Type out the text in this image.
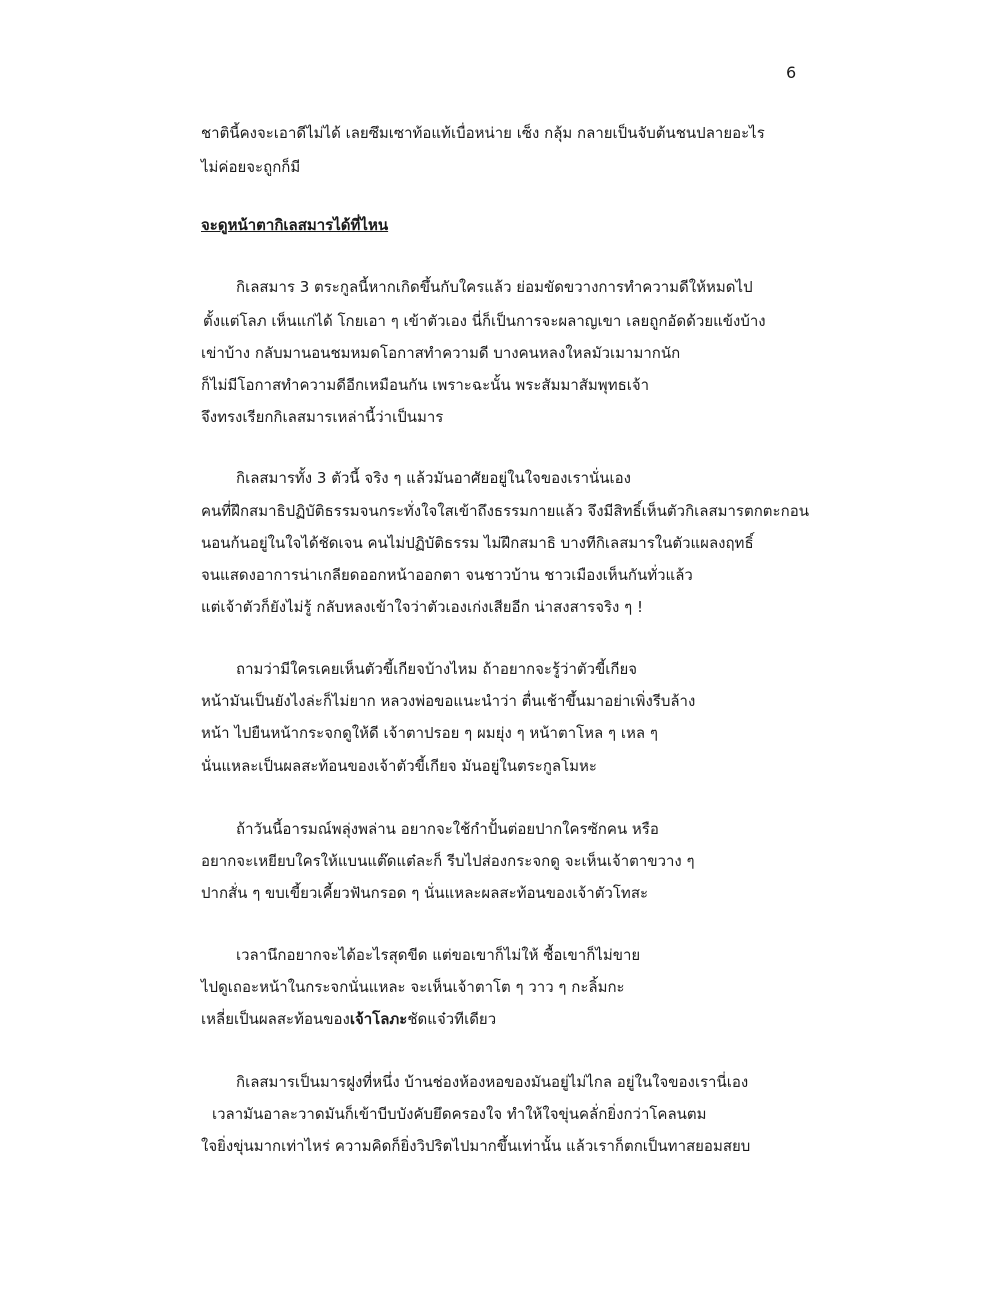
6
ชาตินี้คงจะเอาดีไม่ได้ เลยซึมเซาท้อแท้เบื่อหน่าย เซ็ง กลุ้ม กลายเป็นจับต้นชนปลายอะไร
ไม่ค่อยจะถูกก็มี
จะดูหน้าตากิเลสมารได้ที่ไหน
กิเลสมาร 3 ตระกูลนี้หากเกิดขึ้นกับใครแล้ว ย่อมขัดขวางการทำความดีให้หมดไป
ตั้งแต่โลภ เห็นแก่ได้ โกยเอา ๆ เข้าตัวเอง นี่ก็เป็นการจะผลาญเขา เลยถูกอัดด้วยแข้งบ้าง
เข่าบ้าง กลับมานอนชมหมดโอกาสทำความดี บางคนหลงใหลมัวเมามากนัก
ก็ไม่มีโอกาสทำความดีอีกเหมือนกัน เพราะฉะนั้น พระสัมมาสัมพุทธเจ้า
จึงทรงเรียกกิเลสมารเหล่านี้ว่าเป็นมาร
กิเลสมารทั้ง 3 ตัวนี้ จริง ๆ แล้วมันอาศัยอยู่ในใจของเรานั่นเอง
คนที่ฝึกสมาธิปฏิบัติธรรมจนกระทั่งใจใสเข้าถึงธรรมกายแล้ว จึงมีสิทธิ์เห็นตัวกิเลสมารตกตะกอน
นอนก้นอยู่ในใจได้ชัดเจน คนไม่ปฏิบัติธรรม ไม่ฝึกสมาธิ บางทีกิเลสมารในตัวแผลงฤทธิ์
จนแสดงอาการน่าเกลียดออกหน้าออกตา จนชาวบ้าน ชาวเมืองเห็นกันทั่วแล้ว
แต่เจ้าตัวก็ยังไม่รู้ กลับหลงเข้าใจว่าตัวเองเก่งเสียอีก น่าสงสารจริง ๆ !
ถามว่ามีใครเคยเห็นตัวขี้เกียจบ้างไหม ถ้าอยากจะรู้ว่าตัวขี้เกียจ
หน้ามันเป็นยังไงล่ะก็ไม่ยาก หลวงพ่อขอแนะนำว่า ตื่นเช้าขึ้นมาอย่าเพิ่งรีบล้าง
หน้า ไปยืนหน้ากระจกดูให้ดี เจ้าตาปรอย ๆ ผมยุ่ง ๆ หน้าตาโหล ๆ เหล ๆ
นั่นแหละเป็นผลสะท้อนของเจ้าตัวขี้เกียจ มันอยู่ในตระกูลโมหะ
ถ้าวันนี้อารมณ์พลุ่งพล่าน อยากจะใช้กำปั้นต่อยปากใครซักคน หรือ
อยากจะเหยียบใครให้แบนแต๊ดแต๋ละก็ รีบไปส่องกระจกดู จะเห็นเจ้าตาขวาง ๆ
ปากสั่น ๆ ขบเขี้ยวเคี้ยวฟันกรอด ๆ นั่นแหละผลสะท้อนของเจ้าตัวโทสะ
เวลานึกอยากจะได้อะไรสุดขีด แต่ขอเขาก็ไม่ให้ ซื้อเขาก็ไม่ขาย
ไปดูเถอะหน้าในกระจกนั่นแหละ จะเห็นเจ้าตาโต ๆ วาว ๆ กะลิ้มกะ
เหลี่ยเป็นผลสะท้อนของเจ้าโลภะชัดแจ๋วทีเดียว
กิเลสมารเป็นมารฝูงที่หนึ่ง บ้านช่องห้องหอของมันอยู่ไม่ไกล อยู่ในใจของเรานี่เอง
เวลามันอาละวาดมันก็เข้าบีบบังคับยึดครองใจ ทำให้ใจขุ่นคลั่กยิ่งกว่าโคลนตม
ใจยิ่งขุ่นมากเท่าไหร่ ความคิดก็ยิ่งวิปริตไปมากขึ้นเท่านั้น แล้วเราก็ตกเป็นทาสยอมสยบ
